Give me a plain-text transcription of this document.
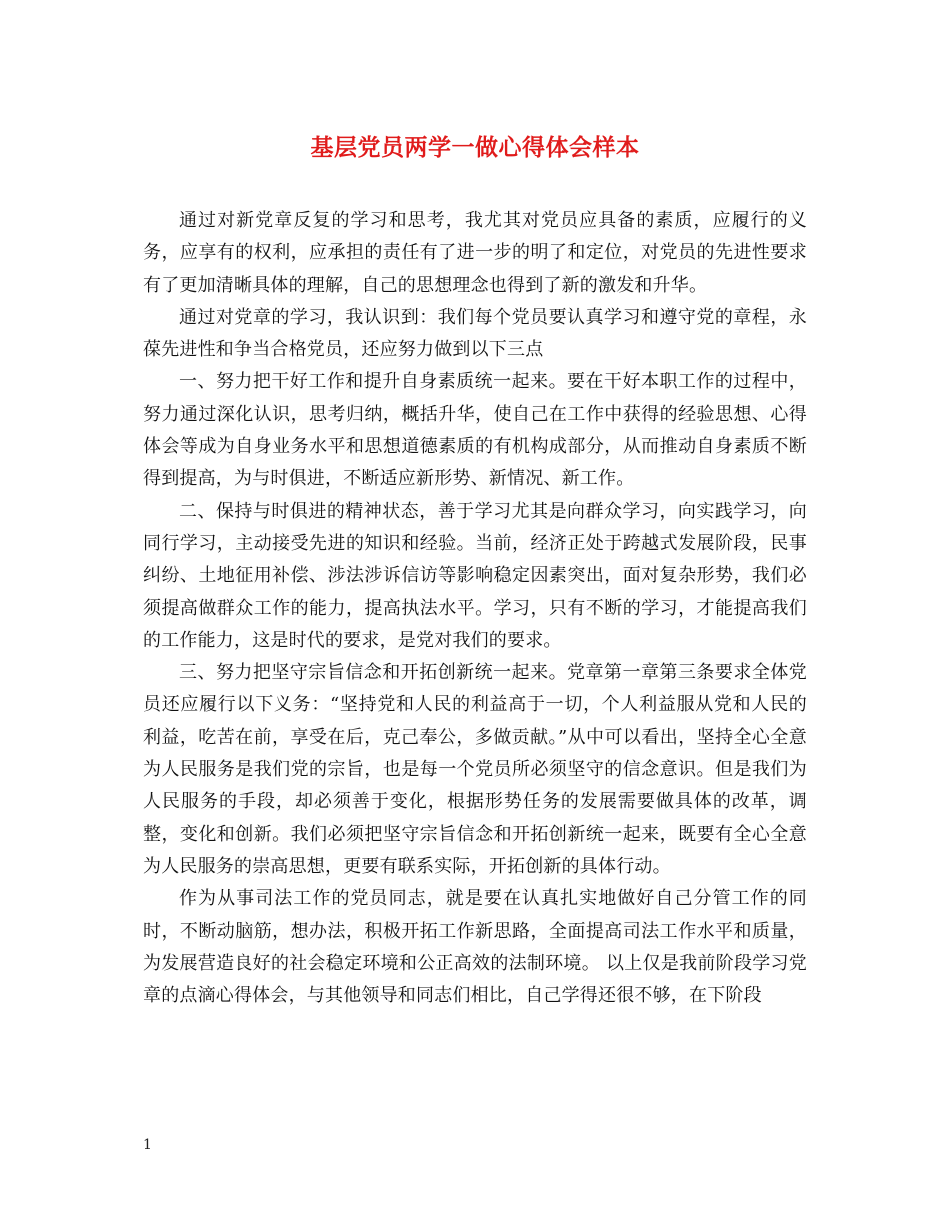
基层党员两学一做心得体会样本

通过对新党章反复的学习和思考，我尤其对党员应具备的素质，应履行的义务，应享有的权利，应承担的责任有了进一步的明了和定位，对党员的先进性要求有了更加清晰具体的理解，自己的思想理念也得到了新的激发和升华。

通过对党章的学习，我认识到：我们每个党员要认真学习和遵守党的章程，永葆先进性和争当合格党员，还应努力做到以下三点

一、努力把干好工作和提升自身素质统一起来。要在干好本职工作的过程中，努力通过深化认识，思考归纳，概括升华，使自己在工作中获得的经验思想、心得体会等成为自身业务水平和思想道德素质的有机构成部分，从而推动自身素质不断得到提高，为与时俱进，不断适应新形势、新情况、新工作。

二、保持与时俱进的精神状态，善于学习尤其是向群众学习，向实践学习，向同行学习，主动接受先进的知识和经验。当前，经济正处于跨越式发展阶段，民事纠纷、土地征用补偿、涉法涉诉信访等影响稳定因素突出，面对复杂形势，我们必须提高做群众工作的能力，提高执法水平。学习，只有不断的学习，才能提高我们的工作能力，这是时代的要求，是党对我们的要求。

三、努力把坚守宗旨信念和开拓创新统一起来。党章第一章第三条要求全体党员还应履行以下义务：“坚持党和人民的利益高于一切，个人利益服从党和人民的利益，吃苦在前，享受在后，克己奉公，多做贡献。”从中可以看出，坚持全心全意为人民服务是我们党的宗旨，也是每一个党员所必须坚守的信念意识。但是我们为人民服务的手段，却必须善于变化，根据形势任务的发展需要做具体的改革，调整，变化和创新。我们必须把坚守宗旨信念和开拓创新统一起来，既要有全心全意为人民服务的崇高思想，更要有联系实际，开拓创新的具体行动。

作为从事司法工作的党员同志，就是要在认真扎实地做好自己分管工作的同时，不断动脑筋，想办法，积极开拓工作新思路，全面提高司法工作水平和质量，为发展营造良好的社会稳定环境和公正高效的法制环境。 以上仅是我前阶段学习党章的点滴心得体会，与其他领导和同志们相比，自己学得还很不够，在下阶段

1
